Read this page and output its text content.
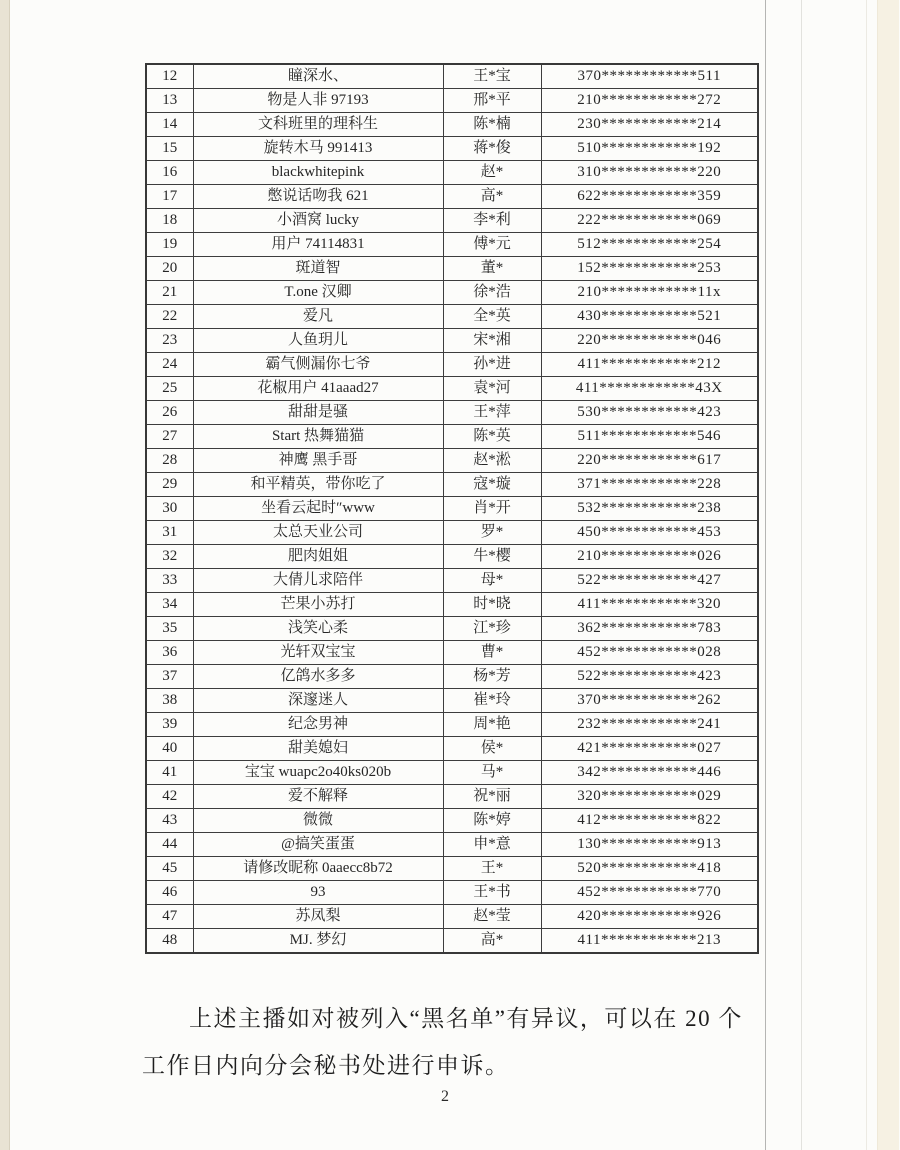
12	瞳深水、	王*宝	370************511
13	物是人非 97193	邢*平	210************272
14	文科班里的理科生	陈*楠	230************214
15	旋转木马 991413	蒋*俊	510************192
16	blackwhitepink	赵*	310************220
17	憋说话吻我 621	高*	622************359
18	小酒窝 lucky	李*利	222************069
19	用户 74114831	傅*元	512************254
20	斑道智	董*	152************253
21	T.one 汉卿	徐*浩	210************11x
22	爱凡	全*英	430************521
23	人鱼玥儿	宋*湘	220************046
24	霸气侧漏你七爷	孙*进	411************212
25	花椒用户 41aaad27	袁*河	411************43X
26	甜甜是骚	王*萍	530************423
27	Start 热舞猫猫	陈*英	511************546
28	神鹰 黑手哥	赵*淞	220************617
29	和平精英，带你吃了	寇*璇	371************228
30	坐看云起时″www	肖*开	532************238
31	太总天业公司	罗*	450************453
32	肥肉姐姐	牛*樱	210************026
33	大倩儿求陪伴	母*	522************427
34	芒果小苏打	时*晓	411************320
35	浅笑心柔	江*珍	362************783
36	光轩双宝宝	曹*	452************028
37	亿鸽水多多	杨*芳	522************423
38	深邃迷人	崔*玲	370************262
39	纪念男神	周*艳	232************241
40	甜美媳妇	侯*	421************027
41	宝宝 wuapc2o40ks020b	马*	342************446
42	爱不解释	祝*丽	320************029
43	微微	陈*婷	412************822
44	@搞笑蛋蛋	申*意	130************913
45	请修改昵称 0aaecc8b72	王*	520************418
46	93	王*书	452************770
47	苏凤梨	赵*莹	420************926
48	MJ. 梦幻	高*	411************213
上述主播如对被列入“黑名单”有异议，可以在 20 个
工作日内向分会秘书处进行申诉。
2
